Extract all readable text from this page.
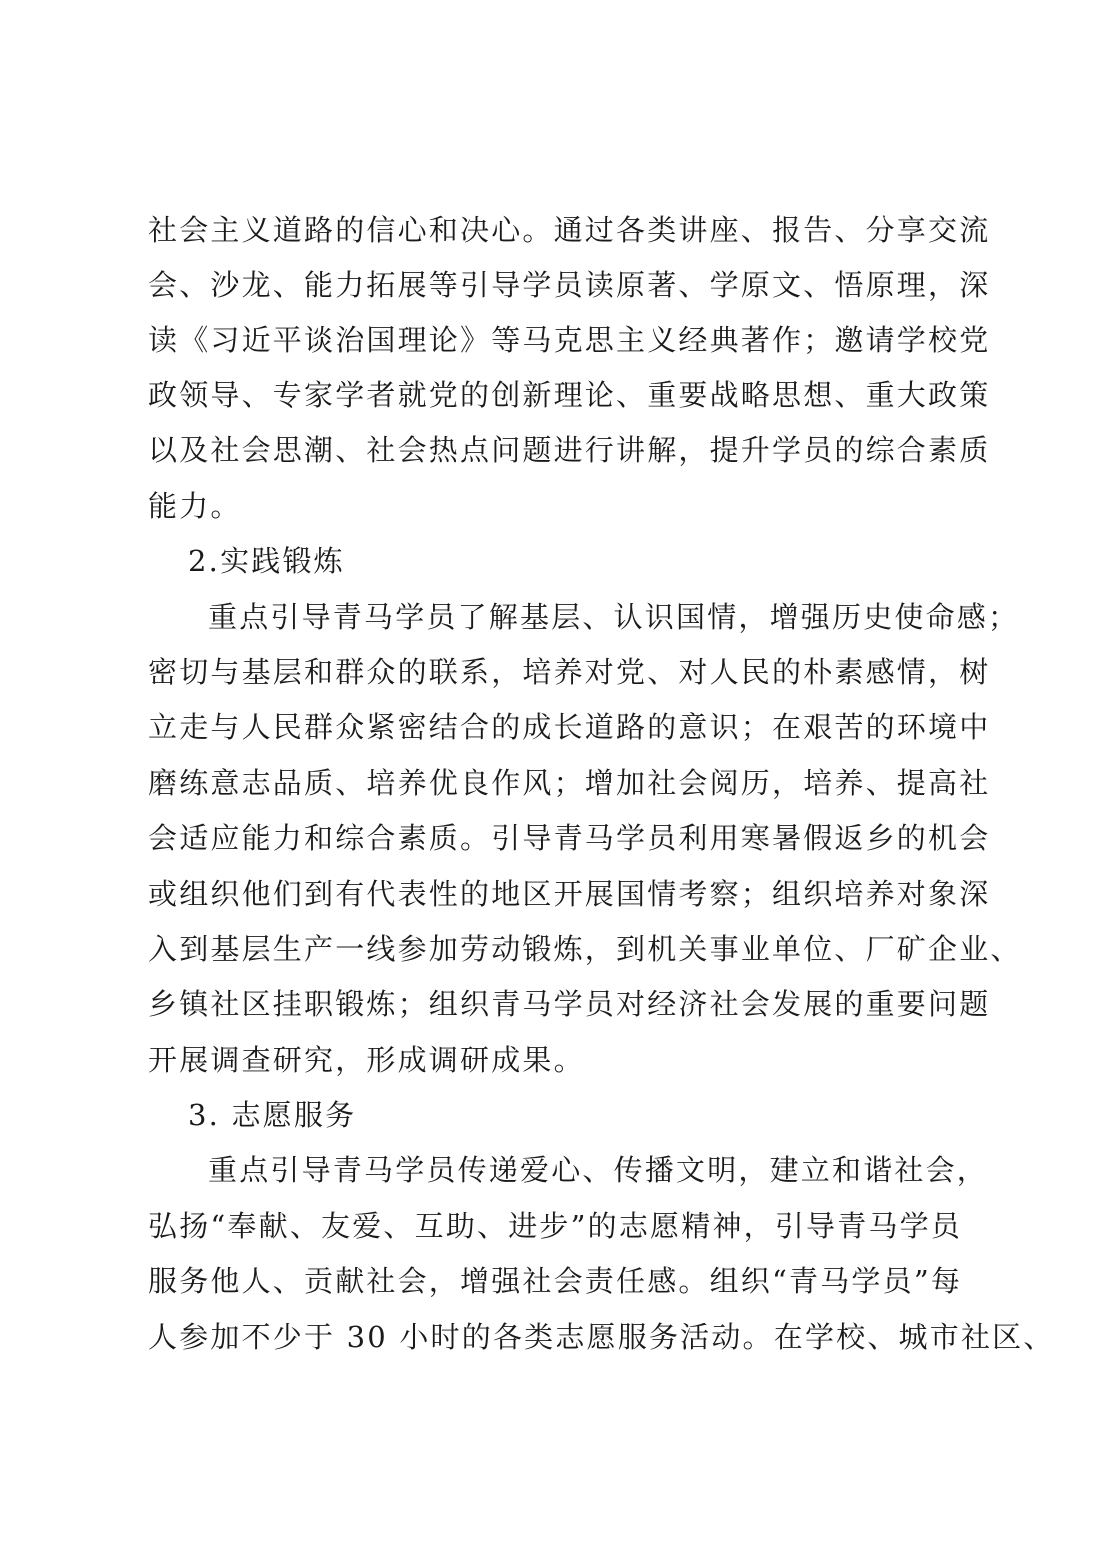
社会主义道路的信心和决心。通过各类讲座、报告、分享交流
会、沙龙、能力拓展等引导学员读原著、学原文、悟原理，深
读《习近平谈治国理论》等马克思主义经典著作；邀请学校党
政领导、专家学者就党的创新理论、重要战略思想、重大政策
以及社会思潮、社会热点问题进行讲解，提升学员的综合素质
能力。
2.实践锻炼
重点引导青马学员了解基层、认识国情，增强历史使命感；
密切与基层和群众的联系，培养对党、对人民的朴素感情，树
立走与人民群众紧密结合的成长道路的意识；在艰苦的环境中
磨练意志品质、培养优良作风；增加社会阅历，培养、提高社
会适应能力和综合素质。引导青马学员利用寒暑假返乡的机会
或组织他们到有代表性的地区开展国情考察；组织培养对象深
入到基层生产一线参加劳动锻炼，到机关事业单位、厂矿企业、
乡镇社区挂职锻炼；组织青马学员对经济社会发展的重要问题
开展调查研究，形成调研成果。
3. 志愿服务
重点引导青马学员传递爱心、传播文明，建立和谐社会，
弘扬“奉献、友爱、互助、进步”的志愿精神，引导青马学员
服务他人、贡献社会，增强社会责任感。组织“青马学员”每
人参加不少于 30 小时的各类志愿服务活动。在学校、城市社区、
